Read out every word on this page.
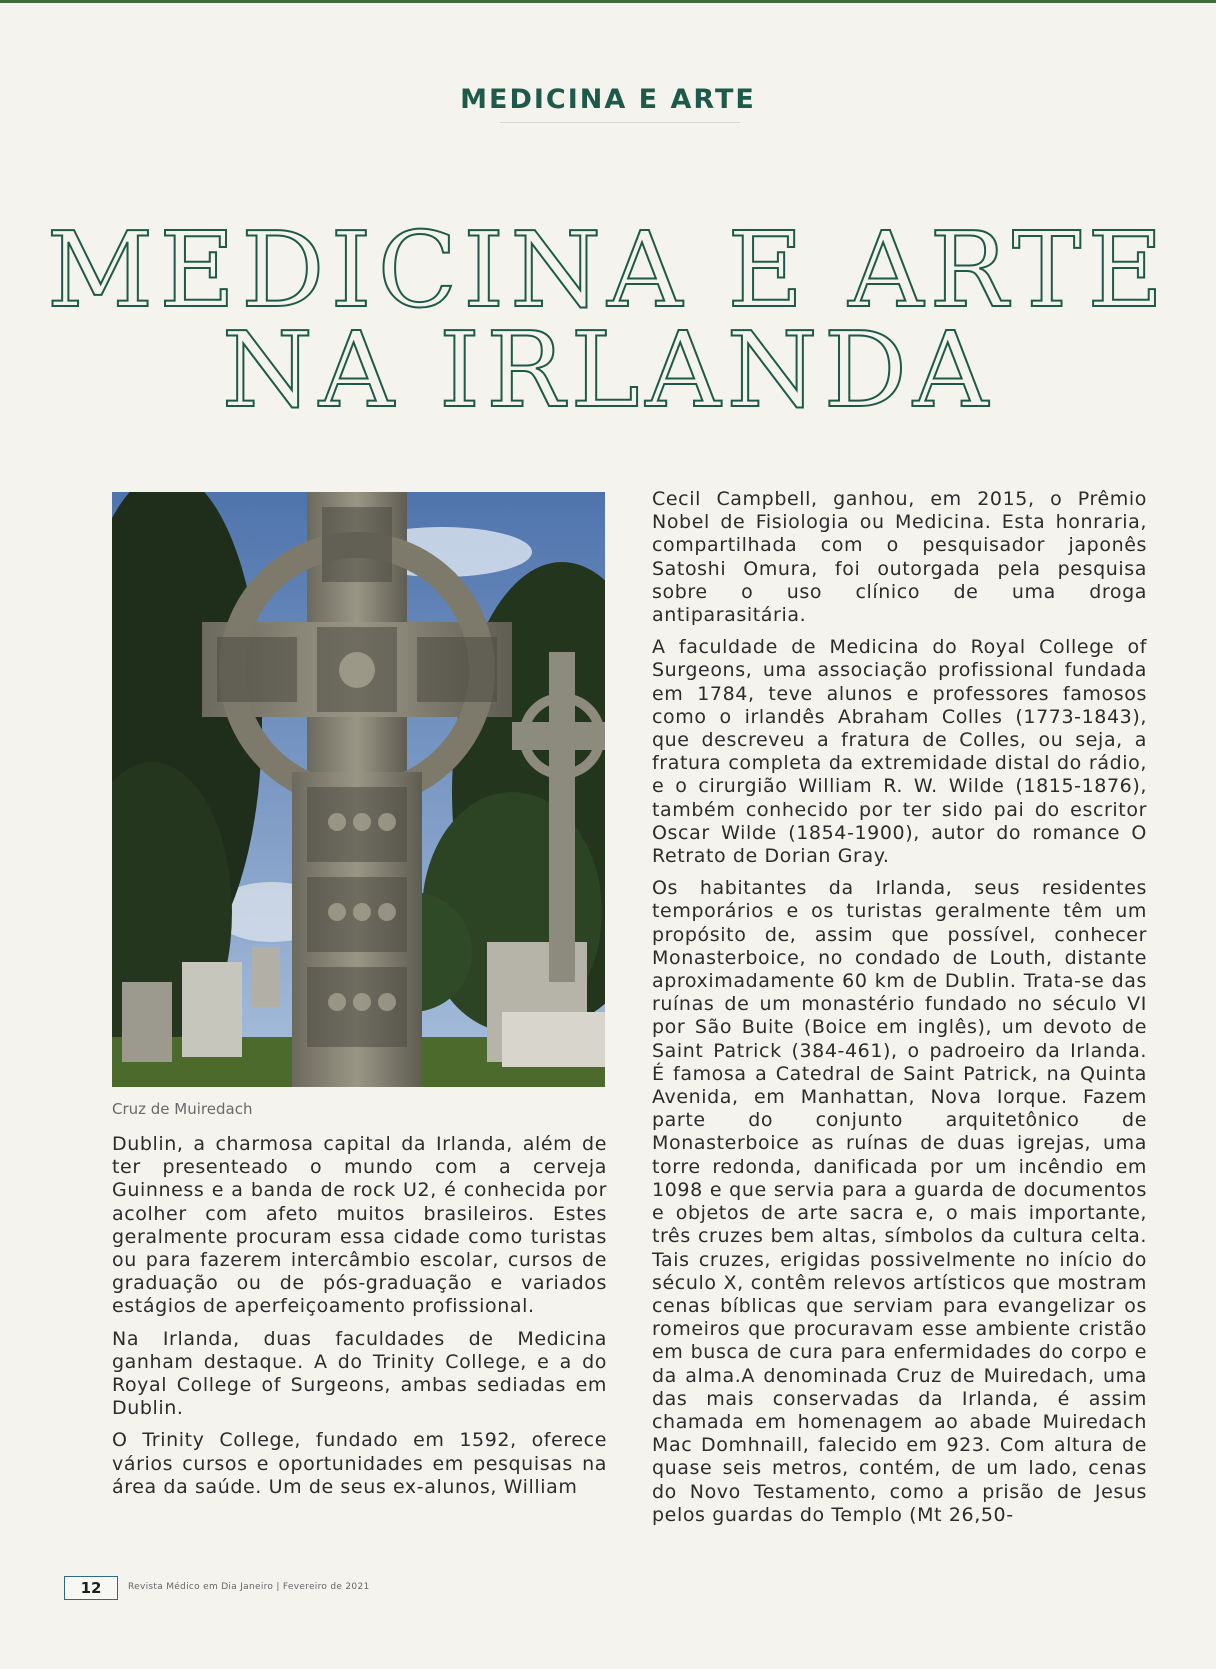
MEDICINA E ARTE
MEDICINA E ARTE
NA IRLANDA
Cruz de Muiredach

Dublin, a charmosa capital da Irlanda, além de ter presenteado o mundo com a cerveja Guinness e a banda de rock U2, é conhecida por acolher com afeto muitos brasileiros. Estes geralmente procuram essa cidade como turistas ou para fazerem intercâmbio escolar, cursos de graduação ou de pós-graduação e variados estágios de aperfeiçoamento profissional.

Na Irlanda, duas faculdades de Medicina ganham destaque. A do Trinity College, e a do Royal College of Surgeons, ambas sediadas em Dublin.

O Trinity College, fundado em 1592, oferece vários cursos e oportunidades em pesquisas na área da saúde. Um de seus ex-alunos, William

Cecil Campbell, ganhou, em 2015, o Prêmio Nobel de Fisiologia ou Medicina. Esta honraria, compartilhada com o pesquisador japonês Satoshi Omura, foi outorgada pela pesquisa sobre o uso clínico de uma droga antiparasitária.

A faculdade de Medicina do Royal College of Surgeons, uma associação profissional fundada em 1784, teve alunos e professores famosos como o irlandês Abraham Colles (1773-1843), que descreveu a fratura de Colles, ou seja, a fratura completa da extremidade distal do rádio, e o cirurgião William R. W. Wilde (1815-1876), também conhecido por ter sido pai do escritor Oscar Wilde (1854-1900), autor do romance O Retrato de Dorian Gray.

Os habitantes da Irlanda, seus residentes temporários e os turistas geralmente têm um propósito de, assim que possível, conhecer Monasterboice, no condado de Louth, distante aproximadamente 60 km de Dublin. Trata-se das ruínas de um monastério fundado no século VI por São Buite (Boice em inglês), um devoto de Saint Patrick (384-461), o padroeiro da Irlanda. É famosa a Catedral de Saint Patrick, na Quinta Avenida, em Manhattan, Nova Iorque. Fazem parte do conjunto arquitetônico de Monasterboice as ruínas de duas igrejas, uma torre redonda, danificada por um incêndio em 1098 e que servia para a guarda de documentos e objetos de arte sacra e, o mais importante, três cruzes bem altas, símbolos da cultura celta. Tais cruzes, erigidas possivelmente no início do século X, contêm relevos artísticos que mostram cenas bíblicas que serviam para evangelizar os romeiros que procuravam esse ambiente cristão em busca de cura para enfermidades do corpo e da alma.A denominada Cruz de Muiredach, uma das mais conservadas da Irlanda, é assim chamada em homenagem ao abade Muiredach Mac Domhnaill, falecido em 923. Com altura de quase seis metros, contém, de um lado, cenas do Novo Testamento, como a prisão de Jesus pelos guardas do Templo (Mt 26,50-

12	Revista Médico em Dia Janeiro | Fevereiro de 2021
